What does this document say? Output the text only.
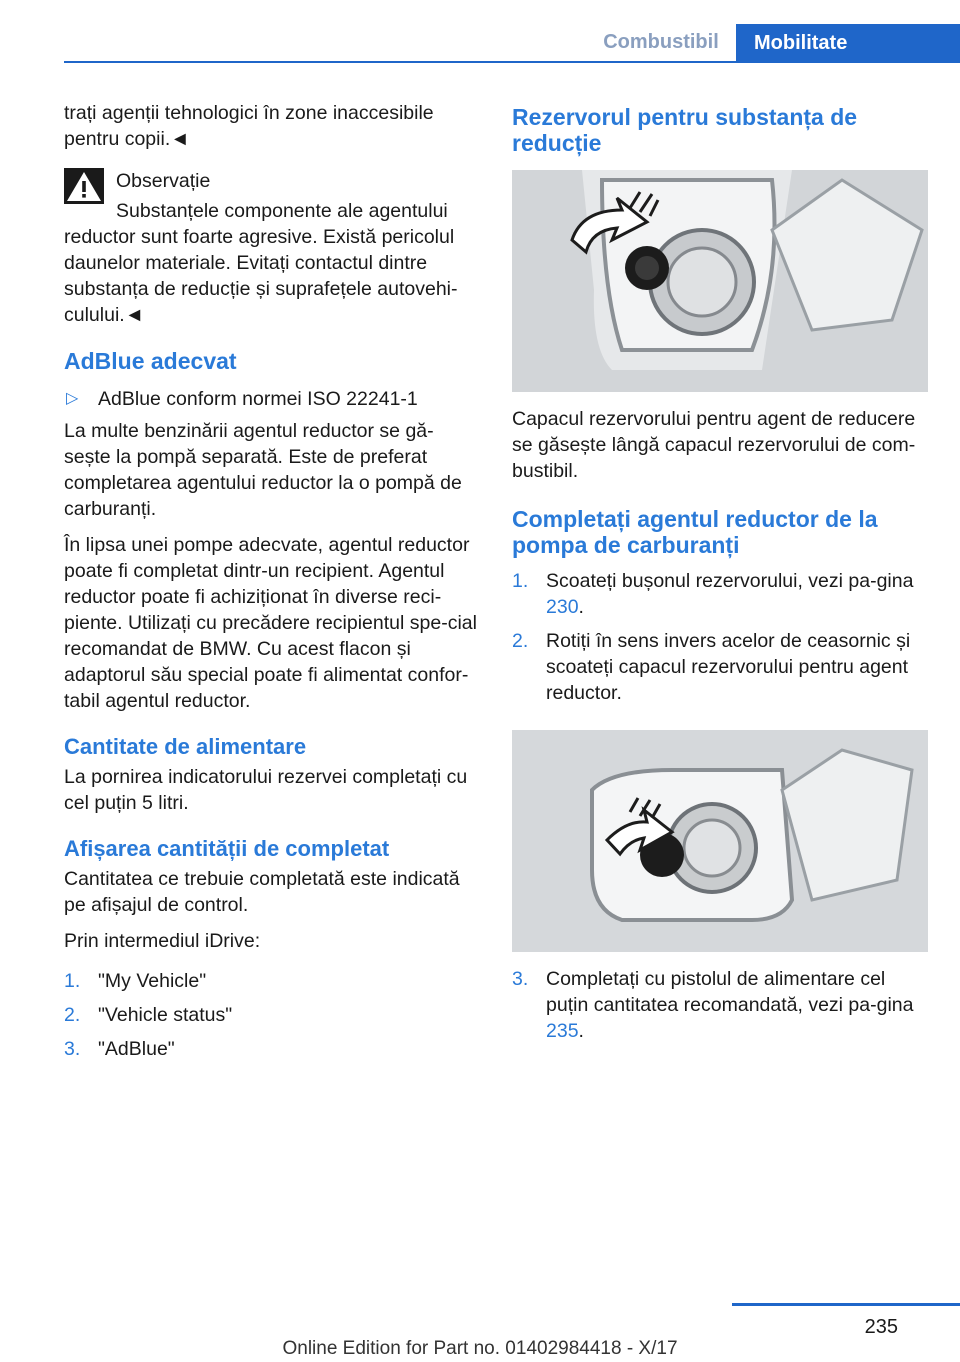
Combustibil	Mobilitate

trați agenții tehnologici în zone inaccesibile pentru copii.◄

Observație
Substanțele componente ale agentului

reductor sunt foarte agresive. Există pericolul daunelor materiale. Evitați contactul dintre substanța de reducție și suprafețele autovehi-culului.◄

AdBlue adecvat
▷ AdBlue conform normei ISO 22241-1

La multe benzinării agentul reductor se gă-sește la pompă separată. Este de preferat completarea agentului reductor la o pompă de carburanți.

În lipsa unei pompe adecvate, agentul reductor poate fi completat dintr-un recipient. Agentul reductor poate fi achiziționat în diverse reci-piente. Utilizați cu precădere recipientul spe-cial recomandat de BMW. Cu acest flacon și adaptorul său special poate fi alimentat confor-tabil agentul reductor.

Cantitate de alimentare

La pornirea indicatorului rezervei completați cu cel puțin 5 litri.

Afișarea cantității de completat

Cantitatea ce trebuie completată este indicată pe afișajul de control.

Prin intermediul iDrive:

1. "My Vehicle"
2. "Vehicle status"
3. "AdBlue"
Rezervorul pentru substanța de reducție

Capacul rezervorului pentru agent de reducere se găsește lângă capacul rezervorului de com-bustibil.

Completați agentul reductor de la pompa de carburanți
1. Scoateți bușonul rezervorului, vezi pa-gina 230.
2. Rotiți în sens invers acelor de ceasornic și scoateți capacul rezervorului pentru agent reductor.
3. Completați cu pistolul de alimentare cel puțin cantitatea recomandată, vezi pa-gina 235.
235
Online Edition for Part no. 01402984418 - X/17
